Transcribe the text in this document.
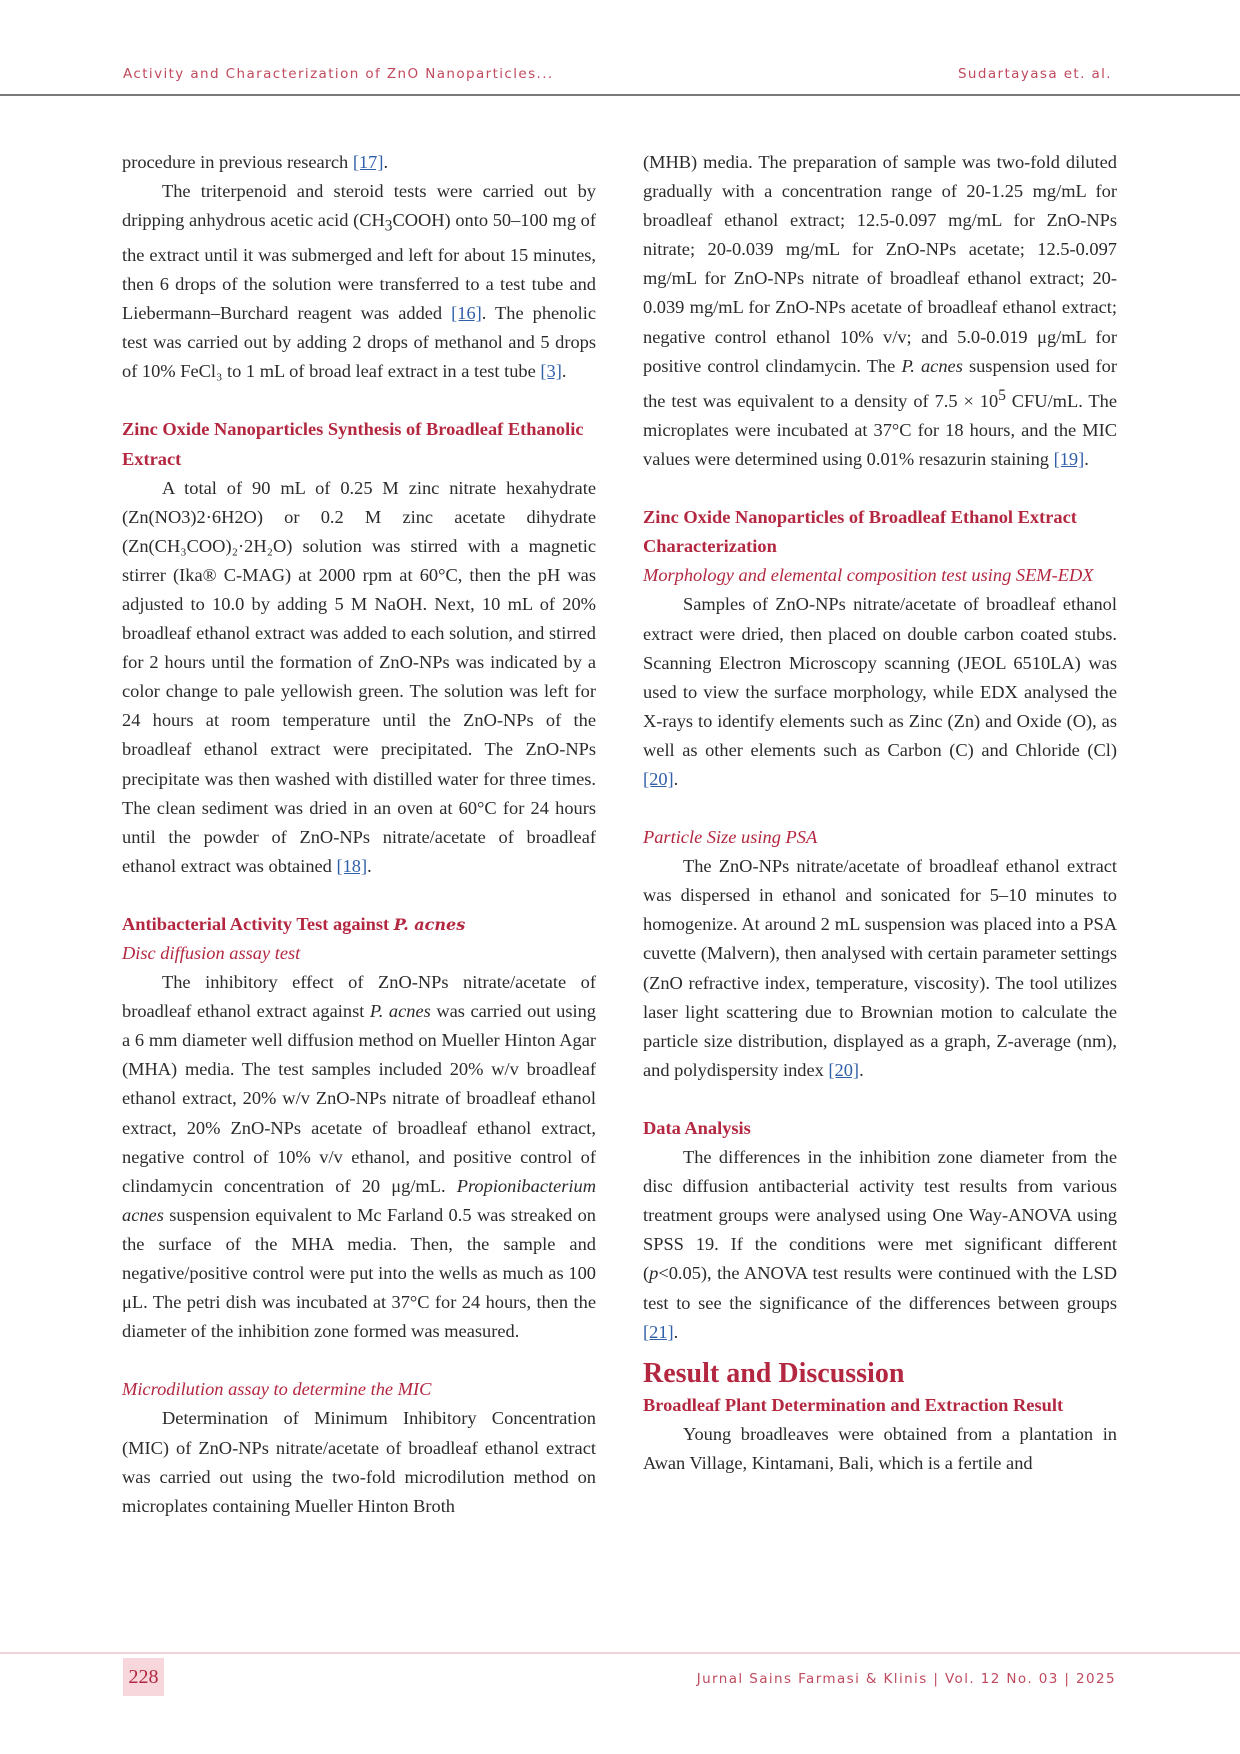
Activity and Characterization of ZnO Nanoparticles...	Sudartayasa et. al.

procedure in previous research [17].

The triterpenoid and steroid tests were carried out by dripping anhydrous acetic acid $(CH_3COOH)$ onto 50–100 mg of the extract until it was submerged and left for about 15 minutes, then 6 drops of the solution were transferred to a test tube and Liebermann–Burchard reagent was added [16]. The phenolic test was carried out by adding 2 drops of methanol and 5 drops of 10% FeCl₃ to 1 mL of broad leaf extract in a test tube [3].

Zinc Oxide Nanoparticles Synthesis of Broadleaf Ethanolic Extract

A total of 90 mL of 0.25 M zinc nitrate hexahydrate (Zn(NO3)2·6H2O) or 0.2 M zinc acetate dihydrate (Zn(CH₃COO)₂·2H₂O) solution was stirred with a magnetic stirrer (Ika® C-MAG) at 2000 rpm at 60°C, then the pH was adjusted to 10.0 by adding 5 M NaOH. Next, 10 mL of 20% broadleaf ethanol extract was added to each solution, and stirred for 2 hours until the formation of ZnO-NPs was indicated by a color change to pale yellowish green. The solution was left for 24 hours at room temperature until the ZnO-NPs of the broadleaf ethanol extract were precipitated. The ZnO-NPs precipitate was then washed with distilled water for three times. The clean sediment was dried in an oven at 60°C for 24 hours until the powder of ZnO-NPs nitrate/acetate of broadleaf ethanol extract was obtained [18].

Antibacterial Activity Test against P. acnes

Disc diffusion assay test

The inhibitory effect of ZnO-NPs nitrate/acetate of broadleaf ethanol extract against P. acnes was carried out using a 6 mm diameter well diffusion method on Mueller Hinton Agar (MHA) media. The test samples included 20% w/v broadleaf ethanol extract, 20% w/v ZnO-NPs nitrate of broadleaf ethanol extract, 20% ZnO-NPs acetate of broadleaf ethanol extract, negative control of 10% v/v ethanol, and positive control of clindamycin concentration of 20 μg/mL. Propionibacterium acnes suspension equivalent to Mc Farland 0.5 was streaked on the surface of the MHA media. Then, the sample and negative/positive control were put into the wells as much as 100 μL. The petri dish was incubated at 37°C for 24 hours, then the diameter of the inhibition zone formed was measured.

Microdilution assay to determine the MIC

Determination of Minimum Inhibitory Concentration (MIC) of ZnO-NPs nitrate/acetate of broadleaf ethanol extract was carried out using the two-fold microdilution method on microplates containing Mueller Hinton Broth

(MHB) media. The preparation of sample was two-fold diluted gradually with a concentration range of 20-1.25 mg/mL for broadleaf ethanol extract; 12.5-0.097 mg/mL for ZnO-NPs nitrate; 20-0.039 mg/mL for ZnO-NPs acetate; 12.5-0.097 mg/mL for ZnO-NPs nitrate of broadleaf ethanol extract; 20-0.039 mg/mL for ZnO-NPs acetate of broadleaf ethanol extract; negative control ethanol 10% v/v; and 5.0-0.019 μg/mL for positive control clindamycin. The P. acnes suspension used for the test was equivalent to a density of $7.5 \times 10^5$ CFU/mL. The microplates were incubated at 37°C for 18 hours, and the MIC values were determined using 0.01% resazurin staining [19].

Zinc Oxide Nanoparticles of Broadleaf Ethanol Extract Characterization

Morphology and elemental composition test using SEM-EDX

Samples of ZnO-NPs nitrate/acetate of broadleaf ethanol extract were dried, then placed on double carbon coated stubs. Scanning Electron Microscopy scanning (JEOL 6510LA) was used to view the surface morphology, while EDX analysed the X-rays to identify elements such as Zinc (Zn) and Oxide (O), as well as other elements such as Carbon (C) and Chloride (Cl) [20].

Particle Size using PSA

The ZnO-NPs nitrate/acetate of broadleaf ethanol extract was dispersed in ethanol and sonicated for 5–10 minutes to homogenize. At around 2 mL suspension was placed into a PSA cuvette (Malvern), then analysed with certain parameter settings (ZnO refractive index, temperature, viscosity). The tool utilizes laser light scattering due to Brownian motion to calculate the particle size distribution, displayed as a graph, Z-average (nm), and polydispersity index [20].

Data Analysis

The differences in the inhibition zone diameter from the disc diffusion antibacterial activity test results from various treatment groups were analysed using One Way-ANOVA using SPSS 19. If the conditions were met significant different (p<0.05), the ANOVA test results were continued with the LSD test to see the significance of the differences between groups [21].

Result and Discussion

Broadleaf Plant Determination and Extraction Result

Young broadleaves were obtained from a plantation in Awan Village, Kintamani, Bali, which is a fertile and

228	Jurnal Sains Farmasi & Klinis | Vol. 12 No. 03 | 2025
